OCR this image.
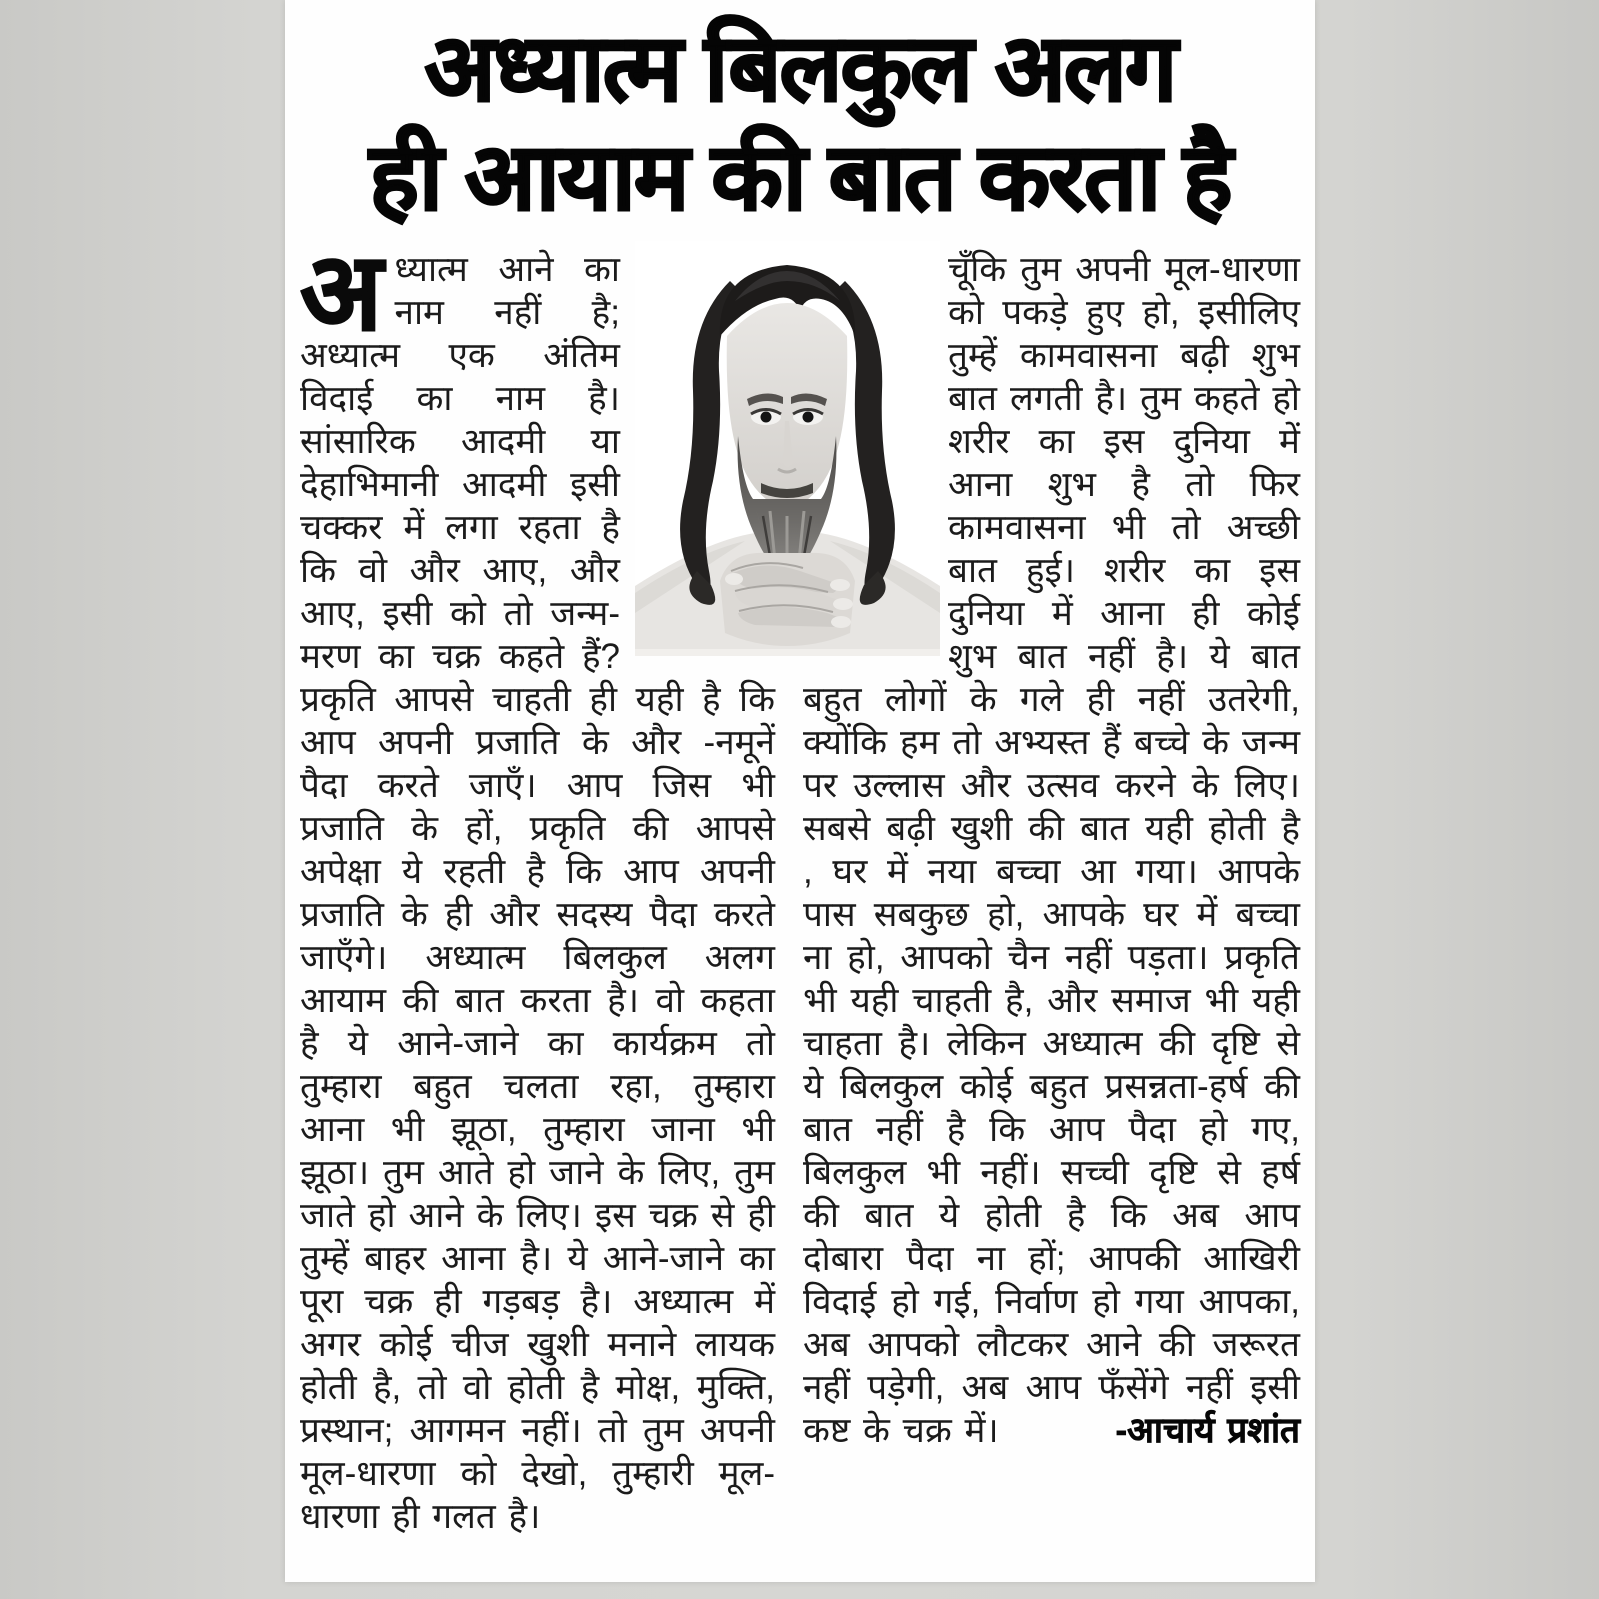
अध्यात्म बिलकुल अलग
ही आयाम की बात करता है

अ ध्यात्म आने का नाम नहीं है; अध्यात्म एक अंतिम विदाई का नाम है। सांसारिक आदमी या देहाभिमानी आदमी इसी चक्कर में लगा रहता है कि वो और आए, और आए, इसी को तो जन्म-मरण का चक्र कहते हैं? प्रकृति आपसे चाहती ही यही है कि आप अपनी प्रजाति के और -नमूनें पैदा करते जाएँ। आप जिस भी प्रजाति के हों, प्रकृति की आपसे अपेक्षा ये रहती है कि आप अपनी प्रजाति के ही और सदस्य पैदा करते जाएँगे। अध्यात्म बिलकुल अलग आयाम की बात करता है। वो कहता है ये आने-जाने का कार्यक्रम तो तुम्हारा बहुत चलता रहा, तुम्हारा आना भी झूठा, तुम्हारा जाना भी झूठा। तुम आते हो जाने के लिए, तुम जाते हो आने के लिए। इस चक्र से ही तुम्हें बाहर आना है। ये आने-जाने का पूरा चक्र ही गड़बड़ है। अध्यात्म में अगर कोई चीज खुशी मनाने लायक होती है, तो वो होती है मोक्ष, मुक्ति, प्रस्थान; आगमन नहीं। तो तुम अपनी मूल-धारणा को देखो, तुम्हारी मूल-धारणा ही गलत है।

चूँकि तुम अपनी मूल-धारणा को पकड़े हुए हो, इसीलिए तुम्हें कामवासना बढ़ी शुभ बात लगती है। तुम कहते हो शरीर का इस दुनिया में आना शुभ है तो फिर कामवासना भी तो अच्छी बात हुई। शरीर का इस दुनिया में आना ही कोई शुभ बात नहीं है। ये बात बहुत लोगों के गले ही नहीं उतरेगी, क्योंकि हम तो अभ्यस्त हैं बच्चे के जन्म पर उल्लास और उत्सव करने के लिए। सबसे बढ़ी खुशी की बात यही होती है , घर में नया बच्चा आ गया। आपके पास सबकुछ हो, आपके घर में बच्चा ना हो, आपको चैन नहीं पड़ता। प्रकृति भी यही चाहती है, और समाज भी यही चाहता है। लेकिन अध्यात्म की दृष्टि से ये बिलकुल कोई बहुत प्रसन्नता-हर्ष की बात नहीं है कि आप पैदा हो गए, बिलकुल भी नहीं। सच्ची दृष्टि से हर्ष की बात ये होती है कि अब आप दोबारा पैदा ना हों; आपकी आखिरी विदाई हो गई, निर्वाण हो गया आपका, अब आपको लौटकर आने की जरूरत नहीं पड़ेगी, अब आप फँसेंगे नहीं इसी कष्ट के चक्र में।	-आचार्य प्रशांत
